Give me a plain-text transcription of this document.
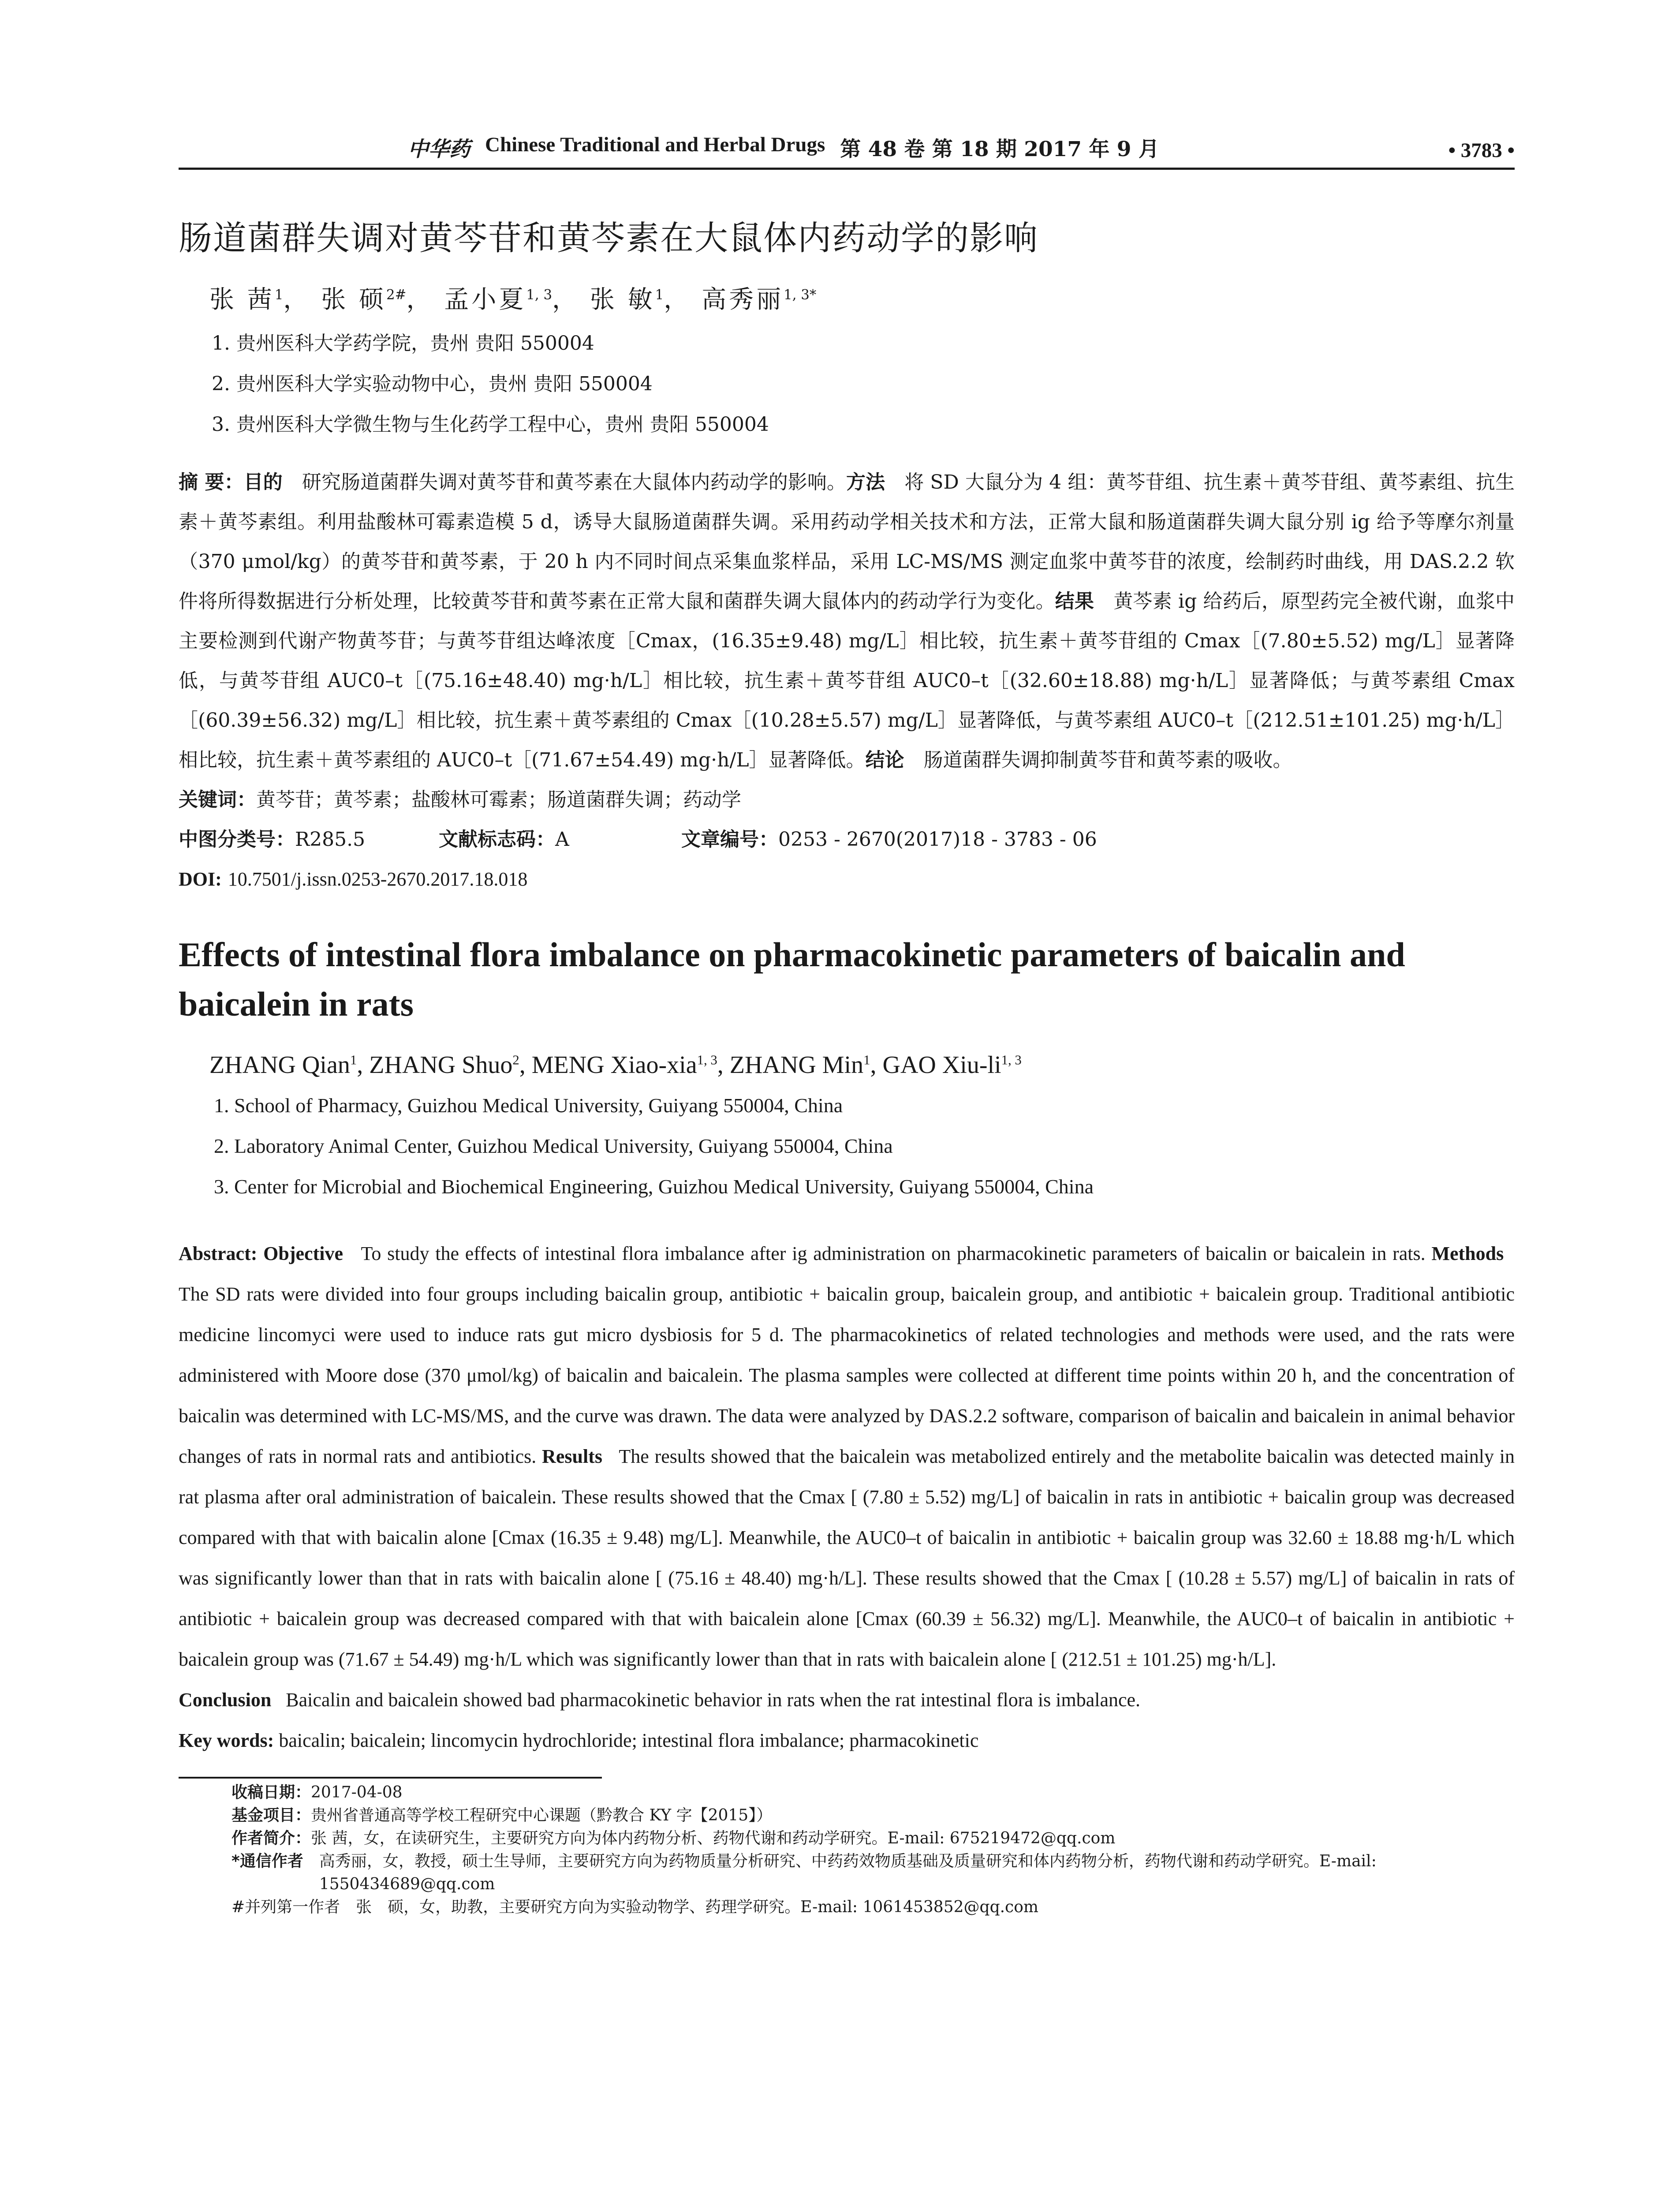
中华药 Chinese Traditional and Herbal Drugs 第 48 卷 第 18 期 2017 年 9 月	• 3783 •
肠道菌群失调对黄芩苷和黄芩素在大鼠体内药动学的影响
张 茜$^1$， 张 硕$^{2\#}$， 孟小夏$^{1, 3}$， 张 敏$^1$， 高秀丽$^{1, 3*}$
1. 贵州医科大学药学院，贵州 贵阳 550004
2. 贵州医科大学实验动物中心，贵州 贵阳 550004
3. 贵州医科大学微生物与生化药学工程中心，贵州 贵阳 550004
摘 要：目的　 研究肠道菌群失调对黄芩苷和黄芩素在大鼠体内药动学的影响。方法　 将 SD 大鼠分为 4 组：黄芩苷组、抗生素＋黄芩苷组、黄芩素组、抗生素＋黄芩素组。利用盐酸林可霉素造模 5 d，诱导大鼠肠道菌群失调。采用药动学相关技术和方法，正常大鼠和肠道菌群失调大鼠分别 ig 给予等摩尔剂量（370 μmol/kg）的黄芩苷和黄芩素，于 20 h 内不同时间点采集血浆样品，采用 LC-MS/MS 测定血浆中黄芩苷的浓度，绘制药时曲线，用 DAS.2.2 软件将所得数据进行分析处理，比较黄芩苷和黄芩素在正常大鼠和菌群失调大鼠体内的药动学行为变化。结果　 黄芩素 ig 给药后，原型药完全被代谢，血浆中主要检测到代谢产物黄芩苷；与黄芩苷组达峰浓度［Cmax，(16.35±9.48) mg/L］相比较，抗生素＋黄芩苷组的 Cmax［(7.80±5.52) mg/L］显著降低，与黄芩苷组 AUC0–t［(75.16±48.40) mg·h/L］相比较，抗生素＋黄芩苷组 AUC0–t［(32.60±18.88) mg·h/L］显著降低；与黄芩素组 Cmax［(60.39±56.32) mg/L］相比较，抗生素＋黄芩素组的 Cmax［(10.28±5.57) mg/L］显著降低，与黄芩素组 AUC0–t［(212.51±101.25) mg·h/L］相比较，抗生素＋黄芩素组的 AUC0–t［(71.67±54.49) mg·h/L］显著降低。结论　 肠道菌群失调抑制黄芩苷和黄芩素的吸收。
关键词：黄芩苷；黄芩素；盐酸林可霉素；肠道菌群失调；药动学
中图分类号：R285.5	文献标志码：A	文章编号：0253 - 2670(2017)18 - 3783 - 06
DOI: 10.7501/j.issn.0253-2670.2017.18.018
Effects of intestinal flora imbalance on pharmacokinetic parameters of baicalin and baicalein in rats
ZHANG Qian$^1$, ZHANG Shuo$^2$, MENG Xiao-xia$^{1, 3}$, ZHANG Min$^1$, GAO Xiu-li$^{1, 3}$
1. School of Pharmacy, Guizhou Medical University, Guiyang 550004, China
2. Laboratory Animal Center, Guizhou Medical University, Guiyang 550004, China
3. Center for Microbial and Biochemical Engineering, Guizhou Medical University, Guiyang 550004, China
Abstract: Objective To study the effects of intestinal flora imbalance after ig administration on pharmacokinetic parameters of baicalin or baicalein in rats. Methods   The SD rats were divided into four groups including baicalin group, antibiotic + baicalin group, baicalein group, and antibiotic + baicalein group. Traditional antibiotic medicine lincomyci were used to induce rats gut micro dysbiosis for 5 d. The pharmacokinetics of related technologies and methods were used, and the rats were administered with Moore dose (370 μmol/kg) of baicalin and baicalein. The plasma samples were collected at different time points within 20 h, and the concentration of baicalin was determined with LC-MS/MS, and the curve was drawn. The data were analyzed by DAS.2.2 software, comparison of baicalin and baicalein in animal behavior changes of rats in normal rats and antibiotics. Results The results showed that the baicalein was metabolized entirely and the metabolite baicalin was detected mainly in rat plasma after oral administration of baicalein. These results showed that the Cmax [ (7.80 ± 5.52) mg/L] of baicalin in rats in antibiotic + baicalin group was decreased compared with that with baicalin alone [Cmax (16.35 ± 9.48) mg/L]. Meanwhile, the AUC0–t of baicalin in antibiotic + baicalin group was 32.60 ± 18.88 mg·h/L which was significantly lower than that in rats with baicalin alone [ (75.16 ± 48.40) mg·h/L]. These results showed that the Cmax [ (10.28 ± 5.57) mg/L] of baicalin in rats of antibiotic + baicalein group was decreased compared with that with baicalein alone [Cmax (60.39 ± 56.32) mg/L]. Meanwhile, the AUC0–t of baicalin in antibiotic + baicalein group was (71.67 ± 54.49) mg·h/L which was significantly lower than that in rats with baicalein alone [ (212.51 ± 101.25) mg·h/L].
Conclusion Baicalin and baicalein showed bad pharmacokinetic behavior in rats when the rat intestinal flora is imbalance.
Key words: baicalin; baicalein; lincomycin hydrochloride; intestinal flora imbalance; pharmacokinetic
收稿日期： 2017-04-08
基金项目： 贵州省普通高等学校工程研究中心课题（黔教合 KY 字【2015】）
作者简介： 张 茜，女，在读研究生，主要研究方向为体内药物分析、药物代谢和药动学研究。E-mail: 675219472@qq.com
*通信作者　 高秀丽，女，教授，硕士生导师，主要研究方向为药物质量分析研究、中药药效物质基础及质量研究和体内药物分析，药物代谢和药动学研究。E-mail: 1550434689@qq.com
#并列第一作者　张　硕，女，助教，主要研究方向为实验动物学、药理学研究。E-mail: 1061453852@qq.com
